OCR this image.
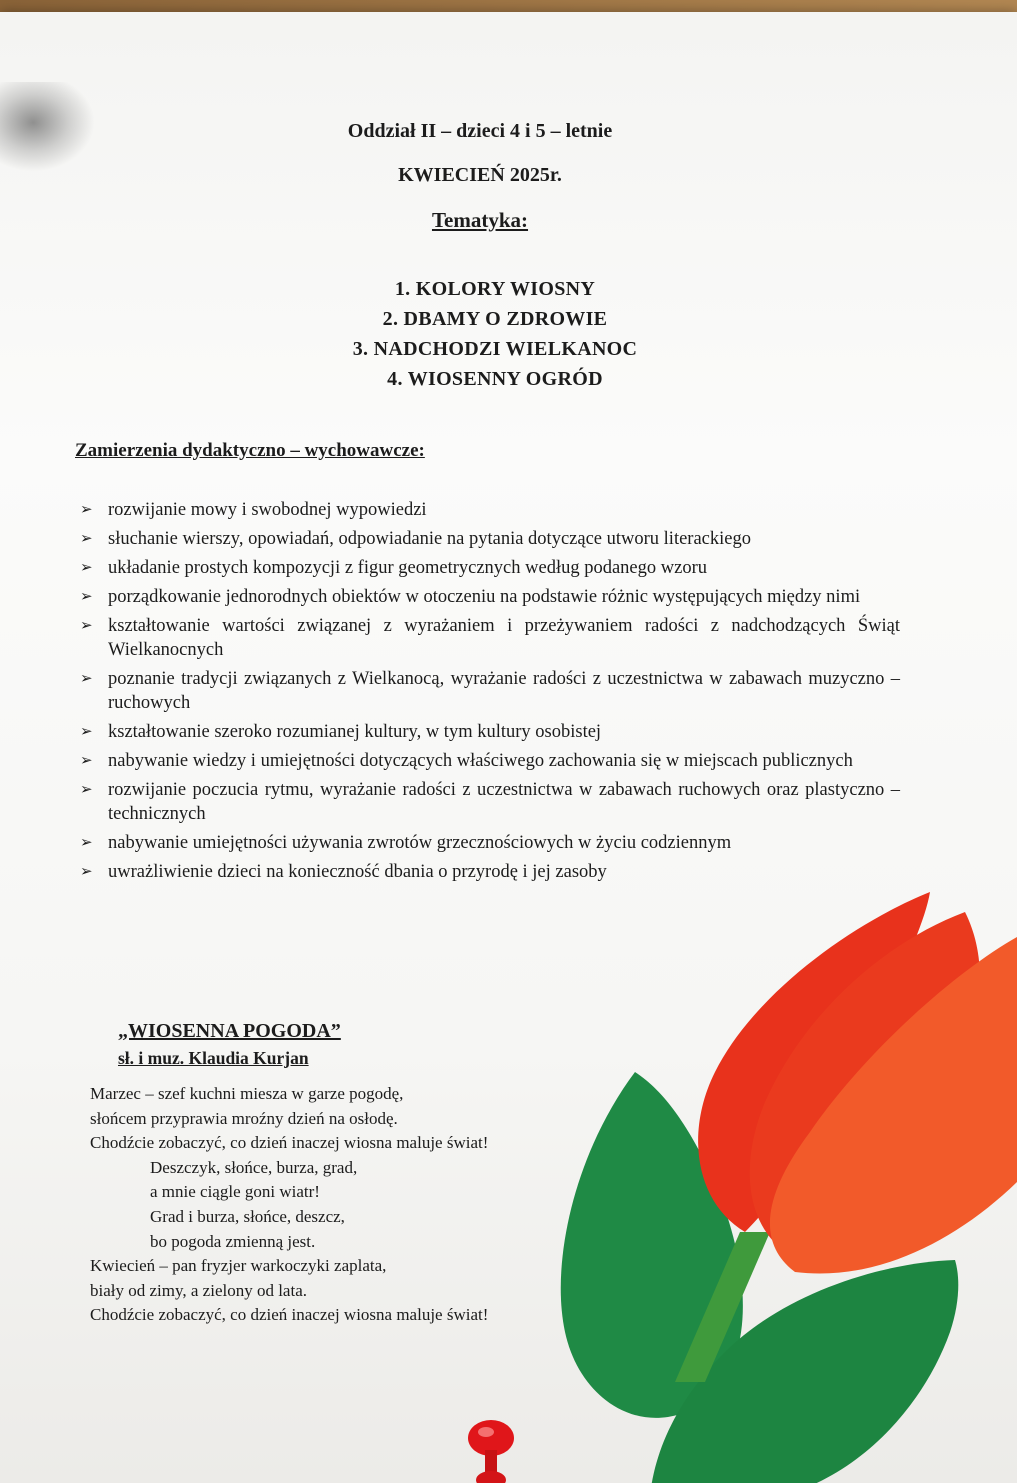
Oddział II – dzieci 4 i 5 – letnie
KWIECIEŃ 2025r.
Tematyka:
1. KOLORY WIOSNY
2. DBAMY O ZDROWIE
3. NADCHODZI WIELKANOC
4. WIOSENNY OGRÓD
Zamierzenia dydaktyczno – wychowawcze:
➢ rozwijanie mowy i swobodnej wypowiedzi
➢ słuchanie wierszy, opowiadań, odpowiadanie na pytania dotyczące utworu literackiego
➢ układanie prostych kompozycji z figur geometrycznych według podanego wzoru
➢ porządkowanie jednorodnych obiektów w otoczeniu na podstawie różnic występujących między nimi
➢ kształtowanie wartości związanej z wyrażaniem i przeżywaniem radości z nadchodzących Świąt Wielkanocnych
➢ poznanie tradycji związanych z Wielkanocą, wyrażanie radości z uczestnictwa w zabawach muzyczno – ruchowych
➢ kształtowanie szeroko rozumianej kultury, w tym kultury osobistej
➢ nabywanie wiedzy i umiejętności dotyczących właściwego zachowania się w miejscach publicznych
➢ rozwijanie poczucia rytmu, wyrażanie radości z uczestnictwa w zabawach ruchowych oraz plastyczno – technicznych
➢ nabywanie umiejętności używania zwrotów grzecznościowych w życiu codziennym
➢ uwrażliwienie dzieci na konieczność dbania o przyrodę i jej zasoby
„WIOSENNA POGODA”
sł. i muz. Klaudia Kurjan
Marzec – szef kuchni miesza w garze pogodę,
słońcem przyprawia mroźny dzień na osłodę.
Chodźcie zobaczyć, co dzień inaczej wiosna maluje świat!
Deszczyk, słońce, burza, grad,
a mnie ciągle goni wiatr!
Grad i burza, słońce, deszcz,
bo pogoda zmienną jest.
Kwiecień – pan fryzjer warkoczyki zaplata,
biały od zimy, a zielony od lata.
Chodźcie zobaczyć, co dzień inaczej wiosna maluje świat!
